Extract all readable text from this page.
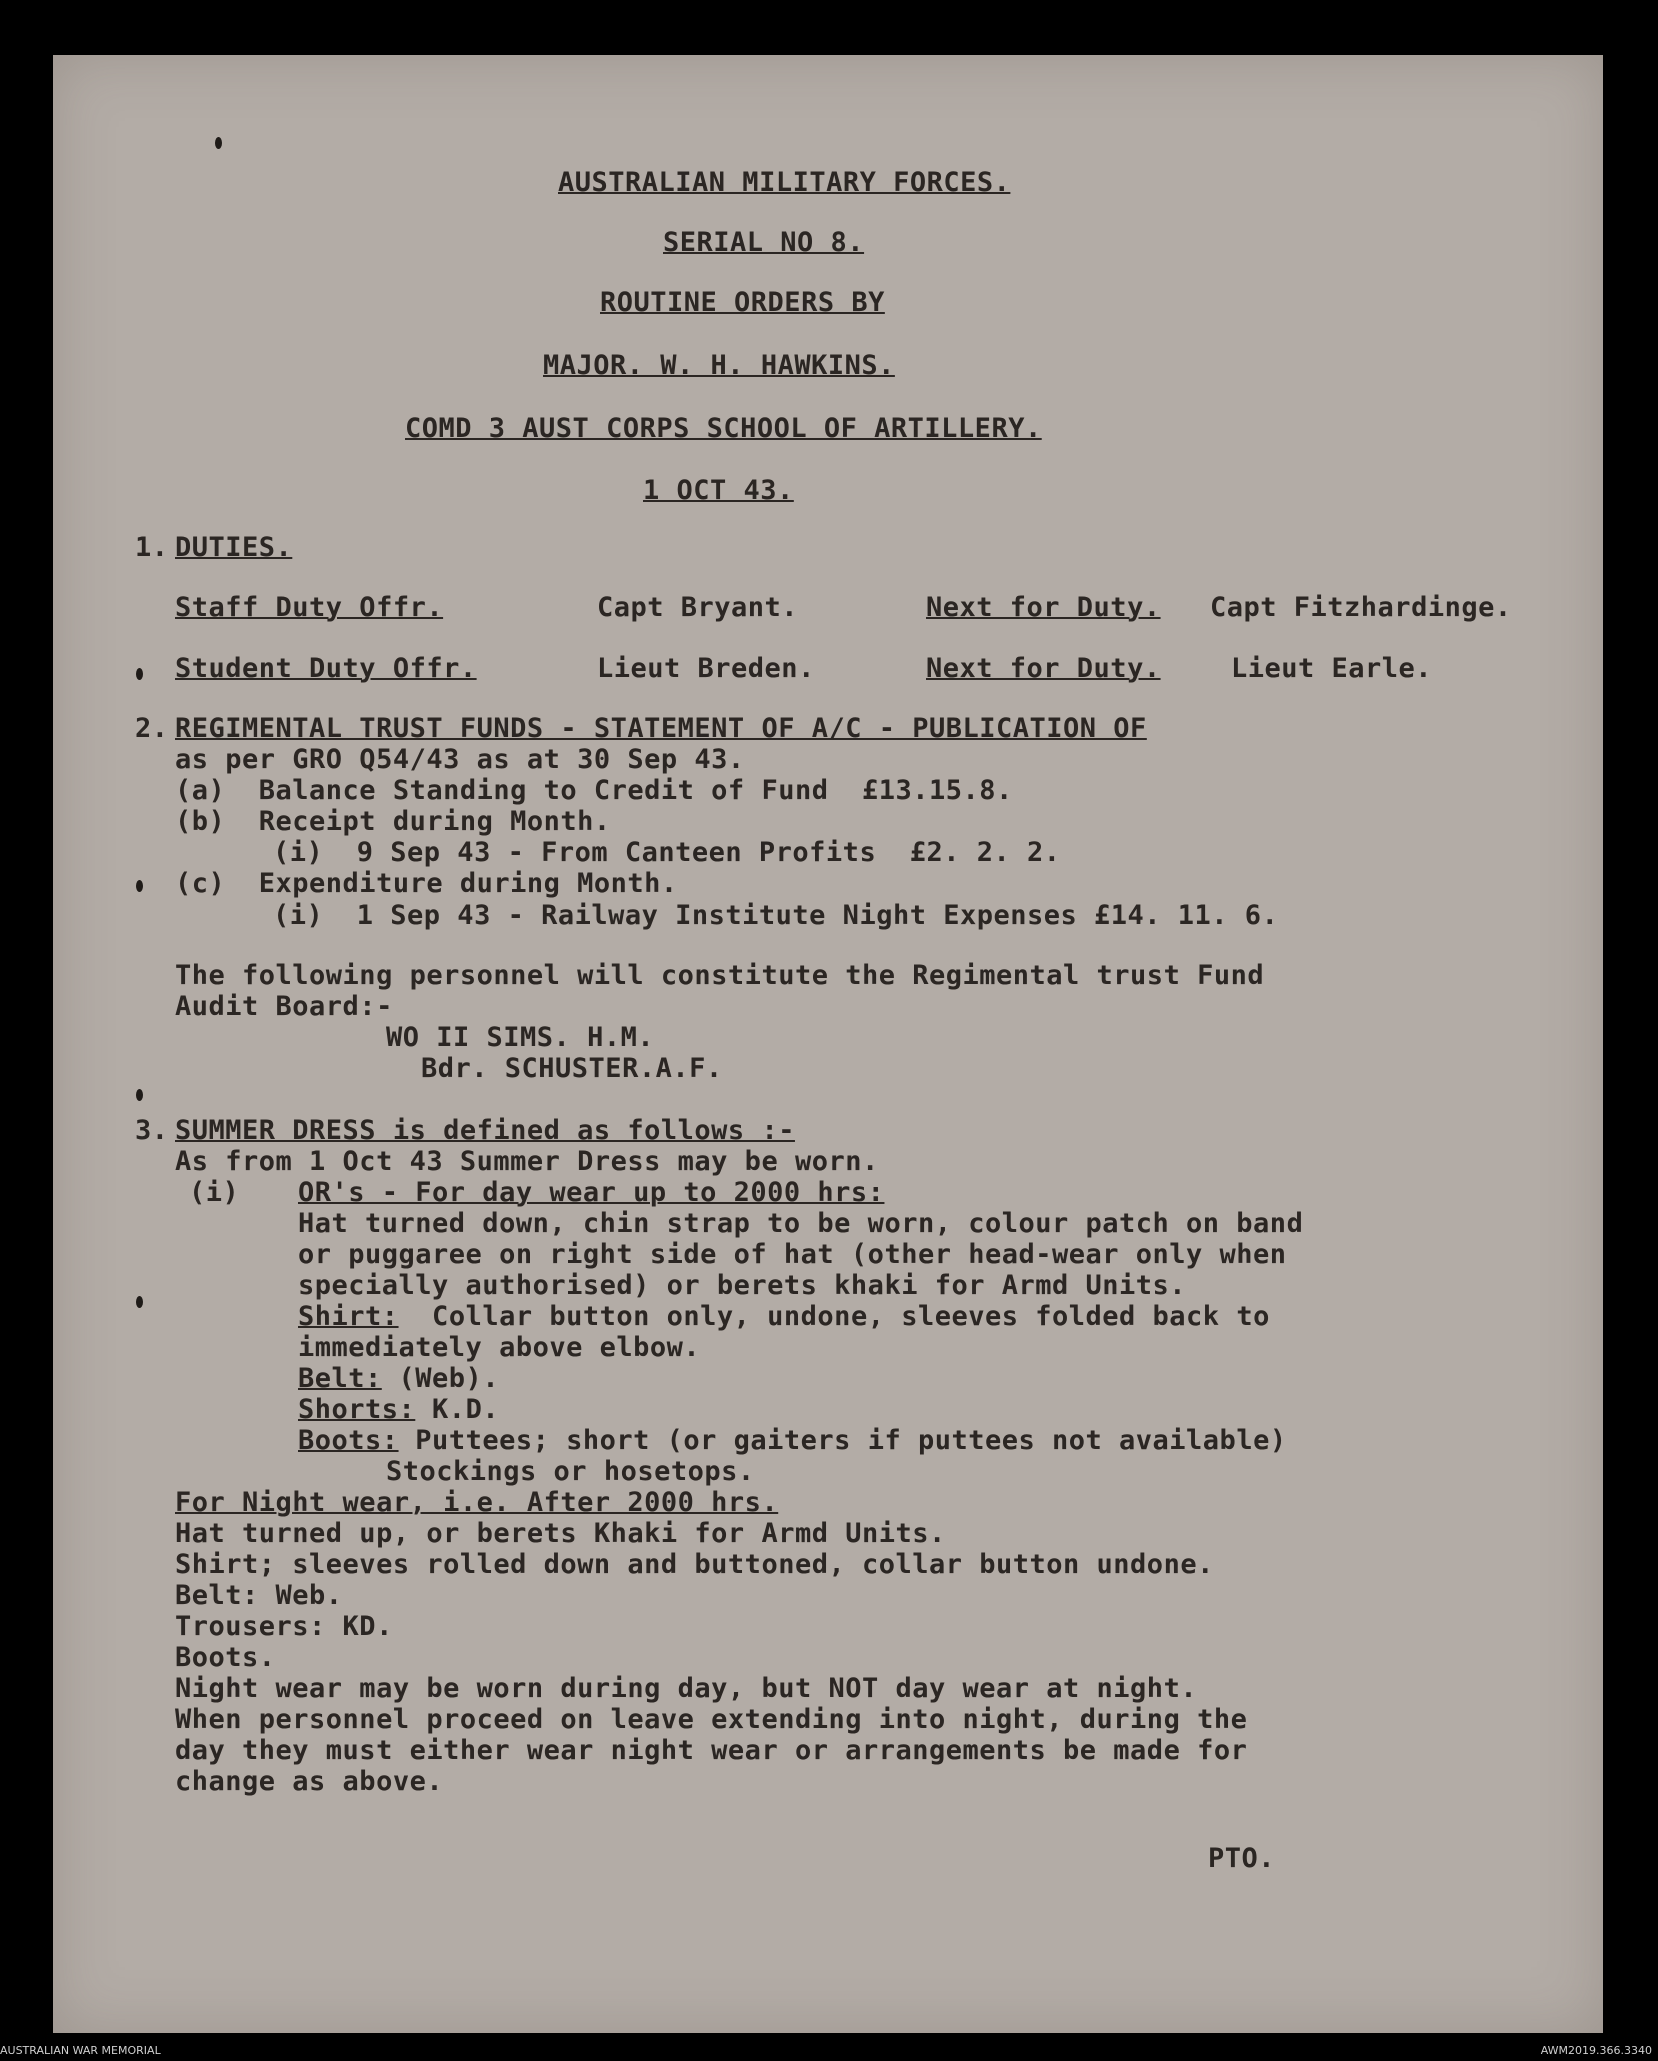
AUSTRALIAN MILITARY FORCES.
SERIAL NO 8.
ROUTINE ORDERS BY
MAJOR. W. H. HAWKINS.
COMD 3 AUST CORPS SCHOOL OF ARTILLERY.
1 OCT 43.
1. DUTIES.
Staff Duty Offr.	Capt Bryant.	Next for Duty. Capt Fitzhardinge.
Student Duty Offr.	Lieut Breden.	Next for Duty.	Lieut Earle.
2. REGIMENTAL TRUST FUNDS - STATEMENT OF A/C - PUBLICATION OF
as per GRO Q54/43 as at 30 Sep 43.
(a)  Balance Standing to Credit of Fund  £13.15.8.
(b)  Receipt during Month.
(i)  9 Sep 43 - From Canteen Profits  £2. 2. 2.
(c)  Expenditure during Month.
(i)  1 Sep 43 - Railway Institute Night Expenses £14. 11. 6.
The following personnel will constitute the Regimental trust Fund
Audit Board:-
WO II SIMS. H.M.
Bdr. SCHUSTER.A.F.
3. SUMMER DRESS is defined as follows :-
As from 1 Oct 43 Summer Dress may be worn.
(i) OR's - For day wear up to 2000 hrs:
Hat turned down, chin strap to be worn, colour patch on band
or puggaree on right side of hat (other head-wear only when
specially authorised) or berets khaki for Armd Units.
Shirt:  Collar button only, undone, sleeves folded back to
immediately above elbow.
Belt: (Web).
Shorts: K.D.
Boots: Puttees; short (or gaiters if puttees not available)
Stockings or hosetops.
For Night wear, i.e. After 2000 hrs.
Hat turned up, or berets Khaki for Armd Units.
Shirt; sleeves rolled down and buttoned, collar button undone.
Belt: Web.
Trousers: KD.
Boots.
Night wear may be worn during day, but NOT day wear at night.
When personnel proceed on leave extending into night, during the
day they must either wear night wear or arrangements be made for
change as above.
PTO.
AUSTRALIAN WAR MEMORIAL	AWM2019.366.3340
